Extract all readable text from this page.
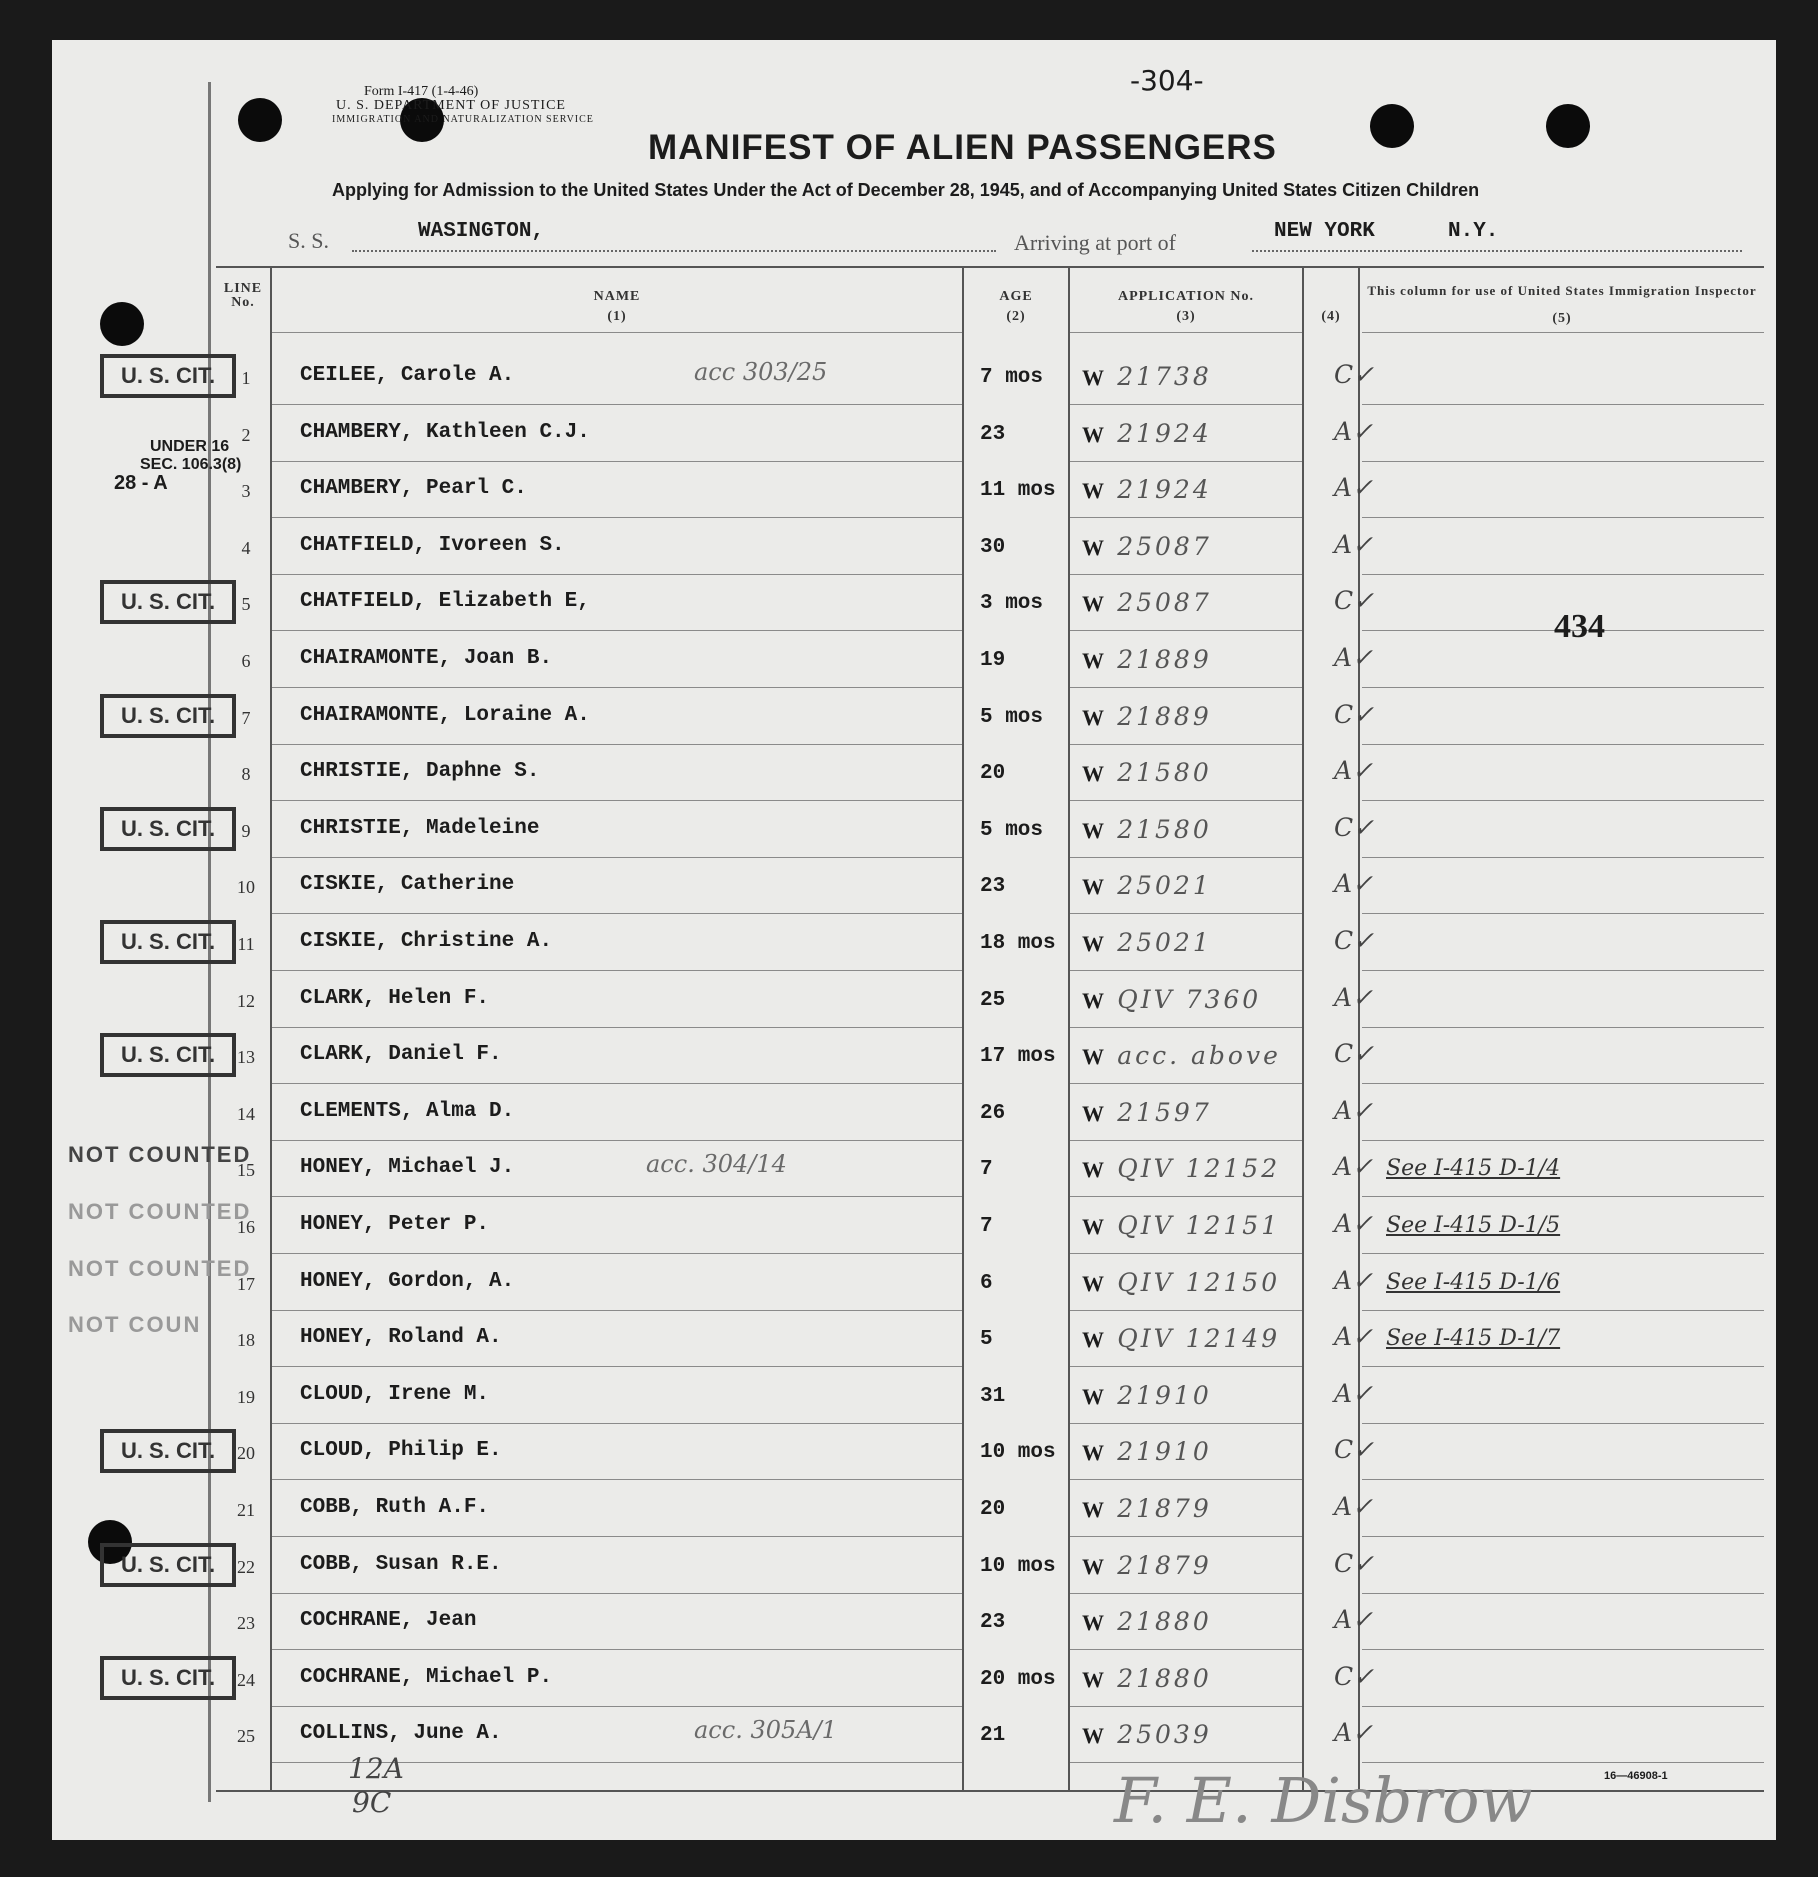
Form I-417 (1-4-46)
U. S. DEPARTMENT OF JUSTICE
IMMIGRATION AND NATURALIZATION SERVICE
-304-
MANIFEST OF ALIEN PASSENGERS
Applying for Admission to the United States Under the Act of December 28, 1945, and of Accompanying United States Citizen Children
S. S.	WASINGTON,	Arriving at port of	NEW YORK	N.Y.
LINE No.	NAME
(1)
AGE
(2)
APPLICATION No.
(3)	(4)
This column for use of United States Immigration Inspector
(5)
1	CEILEE, Carole A.	acc 303/25	7 mos W 21738	C✓
U. S. CIT.
2	CHAMBERY, Kathleen C.J.	23	W 21924	A✓
3	CHAMBERY, Pearl C.	11 mos W 21924	A✓
4	CHATFIELD, Ivoreen S.	30	W 25087	A✓
5	CHATFIELD, Elizabeth E,	3 mos W 25087	C✓
U. S. CIT.
6	CHAIRAMONTE, Joan B.	19	W 21889	A✓
7	CHAIRAMONTE, Loraine A.	5 mos W 21889	C✓
U. S. CIT.
8	CHRISTIE, Daphne S.	20	W 21580	A✓
9	CHRISTIE, Madeleine	5 mos W 21580	C✓
U. S. CIT.
10	CISKIE, Catherine	23	W 25021	A✓
11	CISKIE, Christine A.	18 mos W 25021	C✓
U. S. CIT.
12	CLARK, Helen F.	25	W QIV 7360	A✓
13	CLARK, Daniel F.	17 mos W acc. above C✓
U. S. CIT.
14	CLEMENTS, Alma D.	26	W 21597	A✓
15	HONEY, Michael J.	acc. 304/14	7	W QIV 12152 A✓ See I-415 D-1/4
NOT COUNTED
16	HONEY, Peter P.	7	W QIV 12151 A✓ See I-415 D-1/5
NOT COUNTED
17	HONEY, Gordon, A.	6	W QIV 12150 A✓ See I-415 D-1/6
NOT COUNTED
18	HONEY, Roland A.	5	W QIV 12149 A✓ See I-415 D-1/7
NOT COUN
19	CLOUD, Irene M.	31	W 21910	A✓
20	CLOUD, Philip E.	10 mos W 21910	C✓
U. S. CIT.
21	COBB, Ruth A.F.	20	W 21879	A✓
22	COBB, Susan R.E.	10 mos W 21879	C✓
U. S. CIT.
23	COCHRANE, Jean	23	W 21880	A✓
24	COCHRANE, Michael P.	20 mos W 21880	C✓
U. S. CIT.
25	COLLINS, June A.	acc. 305A/1	21	W 25039	A✓
UNDER 16
SEC. 106.3(8)
28 - A
434
12A
9C	F. E. Disbrow	16—46908-1
